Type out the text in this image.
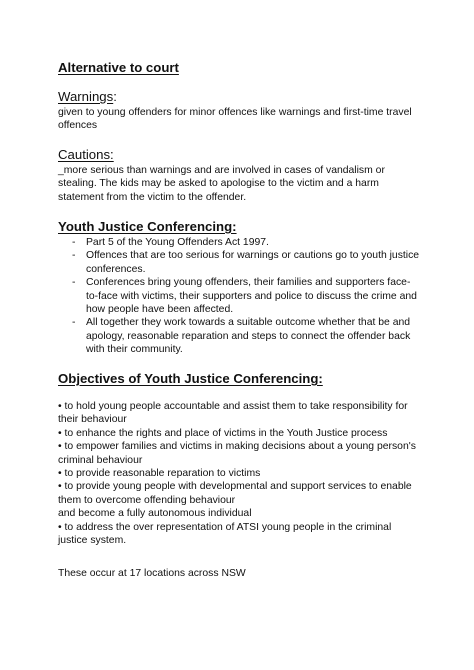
Alternative to court
Warnings:
given to young offenders for minor offences like warnings and first-time travel offences
Cautions:
_more serious than warnings and are involved in cases of vandalism or stealing. The kids may be asked to apologise to the victim and a harm statement from the victim to the offender.
Youth Justice Conferencing:
- Part 5 of the Young Offenders Act 1997.
- Offences that are too serious for warnings or cautions go to youth justice conferences.
- Conferences bring young offenders, their families and supporters face-to-face with victims, their supporters and police to discuss the crime and how people have been affected.
- All together they work towards a suitable outcome whether that be and apology, reasonable reparation and steps to connect the offender back with their community.
Objectives of Youth Justice Conferencing:

• to hold young people accountable and assist them to take responsibility for their behaviour

• to enhance the rights and place of victims in the Youth Justice process

• to empower families and victims in making decisions about a young person's criminal behaviour

• to provide reasonable reparation to victims

• to provide young people with developmental and support services to enable them to overcome offending behaviour

and become a fully autonomous individual

• to address the over representation of ATSI young people in the criminal justice system.

These occur at 17 locations across NSW
